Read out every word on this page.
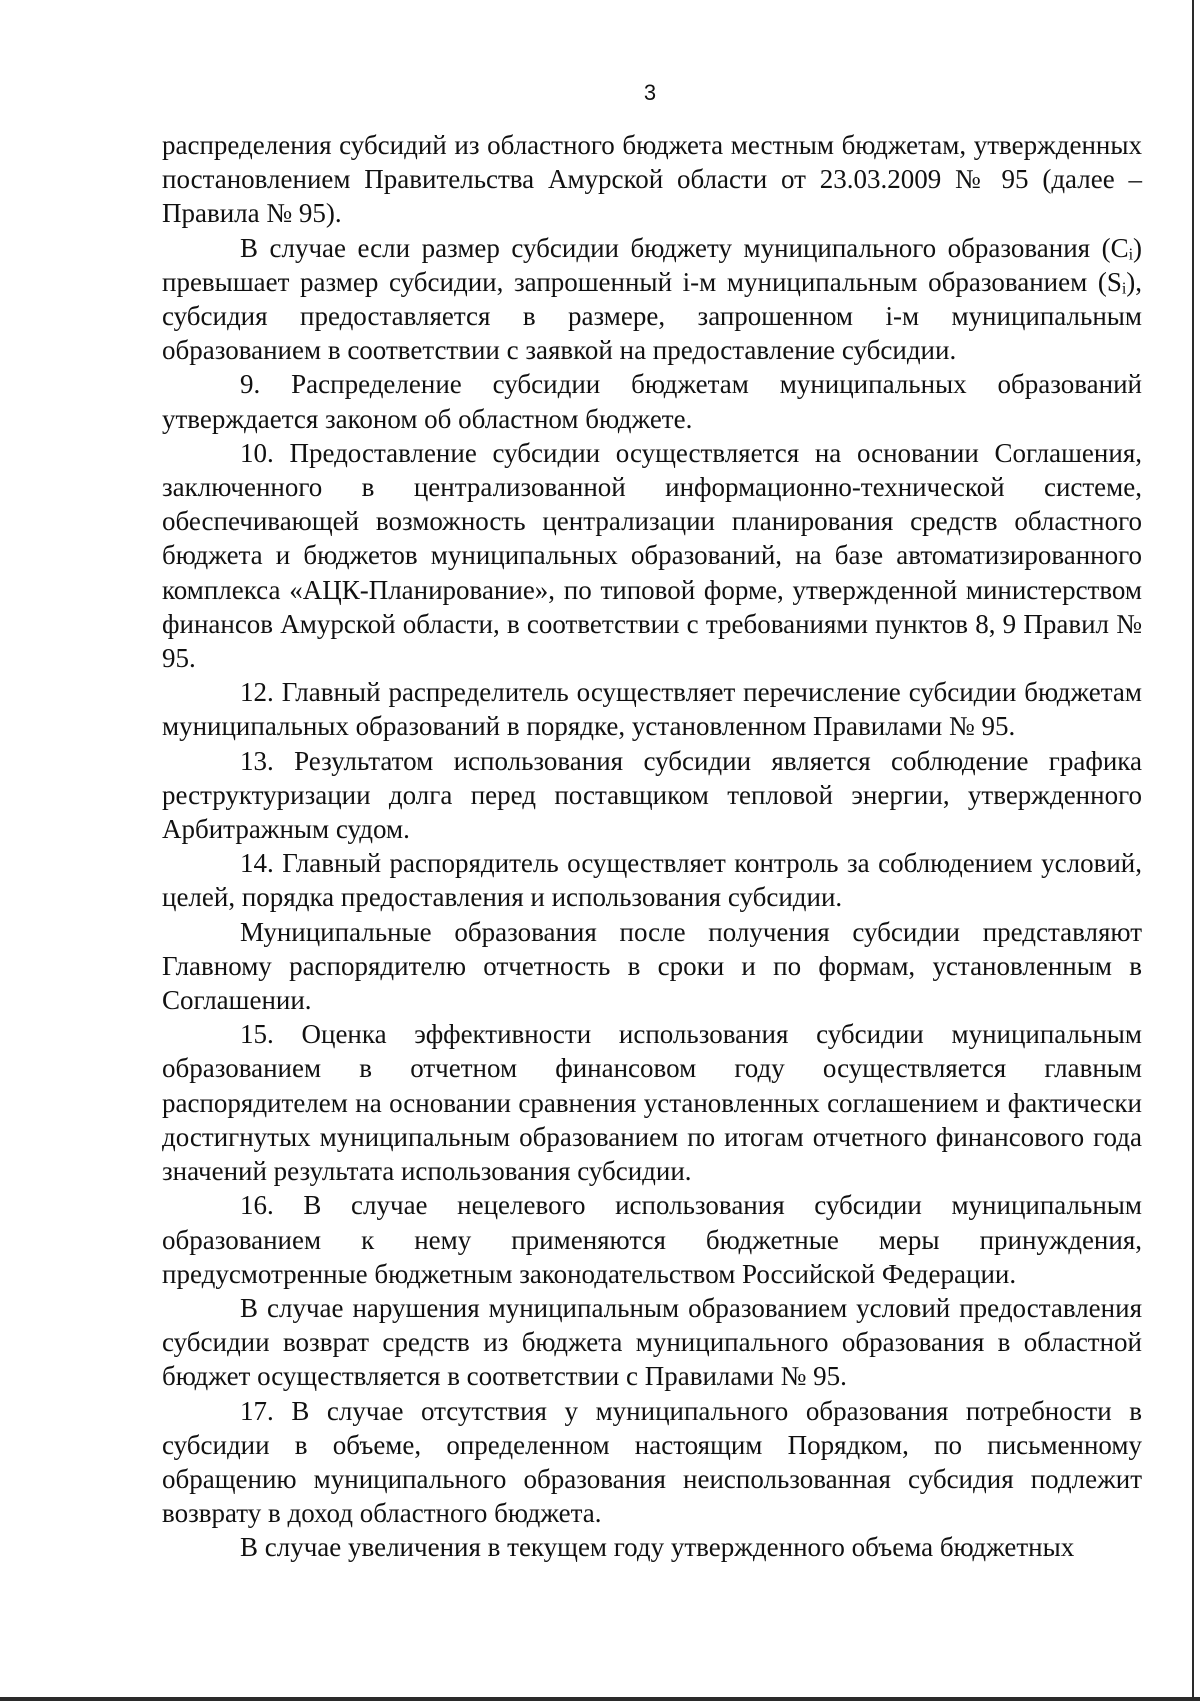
3

распределения субсидий из областного бюджета местным бюджетам, утвержденных постановлением Правительства Амурской области от 23.03.2009 № 95 (далее – Правила № 95).

В случае если размер субсидии бюджету муниципального образования (Cᵢ) превышает размер субсидии, запрошенный i-м муниципальным образованием (Sᵢ), субсидия предоставляется в размере, запрошенном i-м муниципальным образованием в соответствии с заявкой на предоставление субсидии.

9. Распределение субсидии бюджетам муниципальных образований утверждается законом об областном бюджете.

10. Предоставление субсидии осуществляется на основании Соглашения, заключенного в централизованной информационно-технической системе, обеспечивающей возможность централизации планирования средств областного бюджета и бюджетов муниципальных образований, на базе автоматизированного комплекса «АЦК-Планирование», по типовой форме, утвержденной министерством финансов Амурской области, в соответствии с требованиями пунктов 8, 9 Правил № 95.

12. Главный распределитель осуществляет перечисление субсидии бюджетам муниципальных образований в порядке, установленном Правилами № 95.

13. Результатом использования субсидии является соблюдение графика реструктуризации долга перед поставщиком тепловой энергии, утвержденного Арбитражным судом.

14. Главный распорядитель осуществляет контроль за соблюдением условий, целей, порядка предоставления и использования субсидии.

Муниципальные образования после получения субсидии представляют Главному распорядителю отчетность в сроки и по формам, установленным в Соглашении.

15. Оценка эффективности использования субсидии муниципальным образованием в отчетном финансовом году осуществляется главным распорядителем на основании сравнения установленных соглашением и фактически достигнутых муниципальным образованием по итогам отчетного финансового года значений результата использования субсидии.

16. В случае нецелевого использования субсидии муниципальным образованием к нему применяются бюджетные меры принуждения, предусмотренные бюджетным законодательством Российской Федерации.

В случае нарушения муниципальным образованием условий предоставления субсидии возврат средств из бюджета муниципального образования в областной бюджет осуществляется в соответствии с Правилами № 95.

17. В случае отсутствия у муниципального образования потребности в субсидии в объеме, определенном настоящим Порядком, по письменному обращению муниципального образования неиспользованная субсидия подлежит возврату в доход областного бюджета.

В случае увеличения в текущем году утвержденного объема бюджетных
